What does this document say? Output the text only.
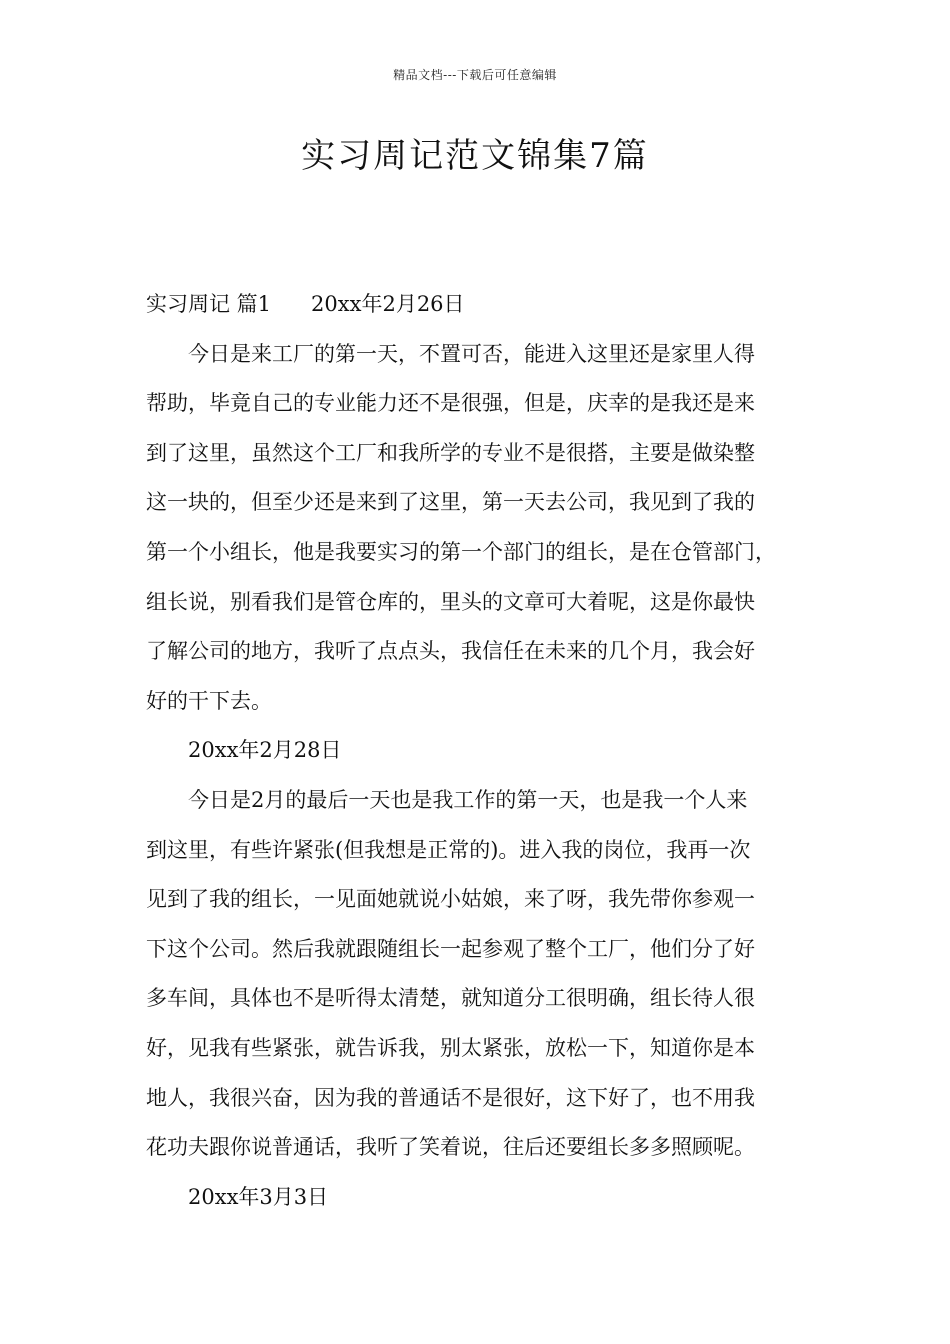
精品文档---下载后可任意编辑
实习周记范文锦集7篇
实习周记 篇1 20xx年2月26日
今日是来工厂的第一天，不置可否，能进入这里还是家里人得
帮助，毕竟自己的专业能力还不是很强，但是，庆幸的是我还是来
到了这里，虽然这个工厂和我所学的专业不是很搭，主要是做染整
这一块的，但至少还是来到了这里，第一天去公司，我见到了我的
第一个小组长，他是我要实习的第一个部门的组长，是在仓管部门，
组长说，别看我们是管仓库的，里头的文章可大着呢，这是你最快
了解公司的地方，我听了点点头，我信任在未来的几个月，我会好
好的干下去。
20xx年2月28日
今日是2月的最后一天也是我工作的第一天，也是我一个人来
到这里，有些许紧张(但我想是正常的)。进入我的岗位，我再一次
见到了我的组长，一见面她就说小姑娘，来了呀，我先带你参观一
下这个公司。然后我就跟随组长一起参观了整个工厂，他们分了好
多车间，具体也不是听得太清楚，就知道分工很明确，组长待人很
好，见我有些紧张，就告诉我，别太紧张，放松一下，知道你是本
地人，我很兴奋，因为我的普通话不是很好，这下好了，也不用我
花功夫跟你说普通话，我听了笑着说，往后还要组长多多照顾呢。
20xx年3月3日
